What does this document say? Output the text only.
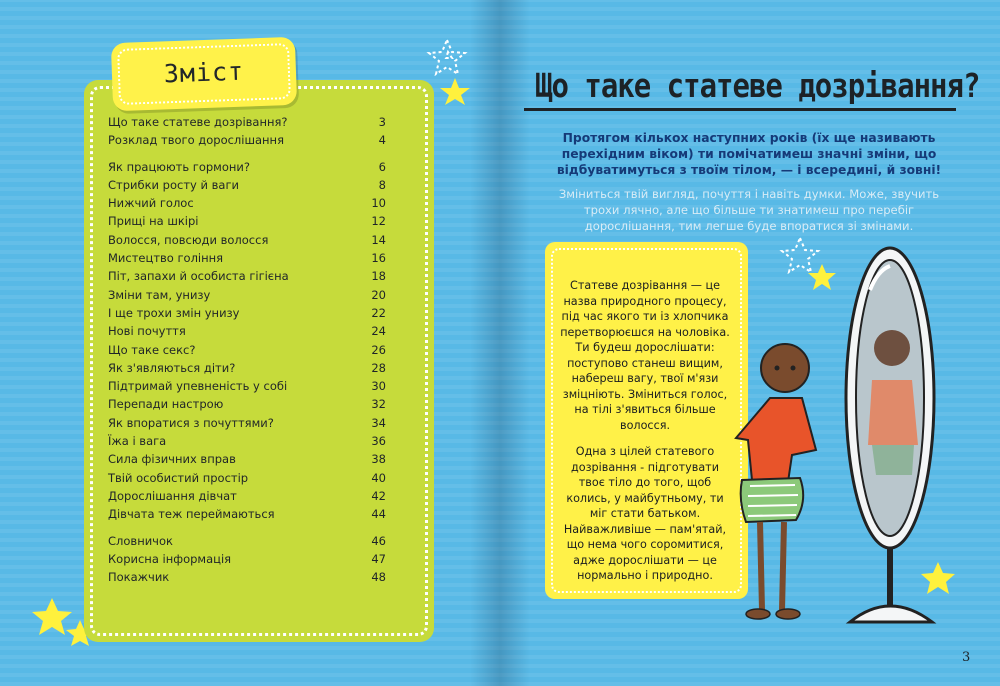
Зміст
Що таке статеве дозрівання?	3
Розклад твого дорослішання	4
Як працюють гормони?	6
Стрибки росту й ваги	8
Нижчий голос	10
Прищі на шкірі	12
Волосся, повсюди волосся	14
Мистецтво гоління	16
Піт, запахи й особиста гігієна	18
Зміни там, унизу	20
І ще трохи змін унизу	22
Нові почуття	24
Що таке секс?	26
Як з'являються діти?	28
Підтримай упевненість у собі	30
Перепади настрою	32
Як впоратися з почуттями?	34
Їжа і вага	36
Сила фізичних вправ	38
Твій особистий простір	40
Дорослішання дівчат	42
Дівчата теж переймаються	44
Словничок	46
Корисна інформація	47
Покажчик	48
Що таке статеве дозрівання?
Протягом кількох наступних років (їх ще називають перехідним віком) ти помічатимеш значні зміни, що відбуватимуться з твоїм тілом, — і всередині, й зовні!
Зміниться твій вигляд, почуття і навіть думки. Може, звучить трохи лячно, але що більше ти знатимеш про перебіг дорослішання, тим легше буде впоратися зі змінами.

Статеве дозрівання — це назва природного процесу, під час якого ти із хлопчика перетворюєшся на чоловіка. Ти будеш дорослішати: поступово станеш вищим, набереш вагу, твої м'язи зміцніють. Зміниться голос, на тілі з'явиться більше волосся.

Одна з цілей статевого дозрівання - підготувати твоє тіло до того, щоб колись, у майбутньому, ти міг стати батьком. Найважливіше — пам'ятай, що нема чого соромитися, адже дорослішати — це нормально і природно.

3
